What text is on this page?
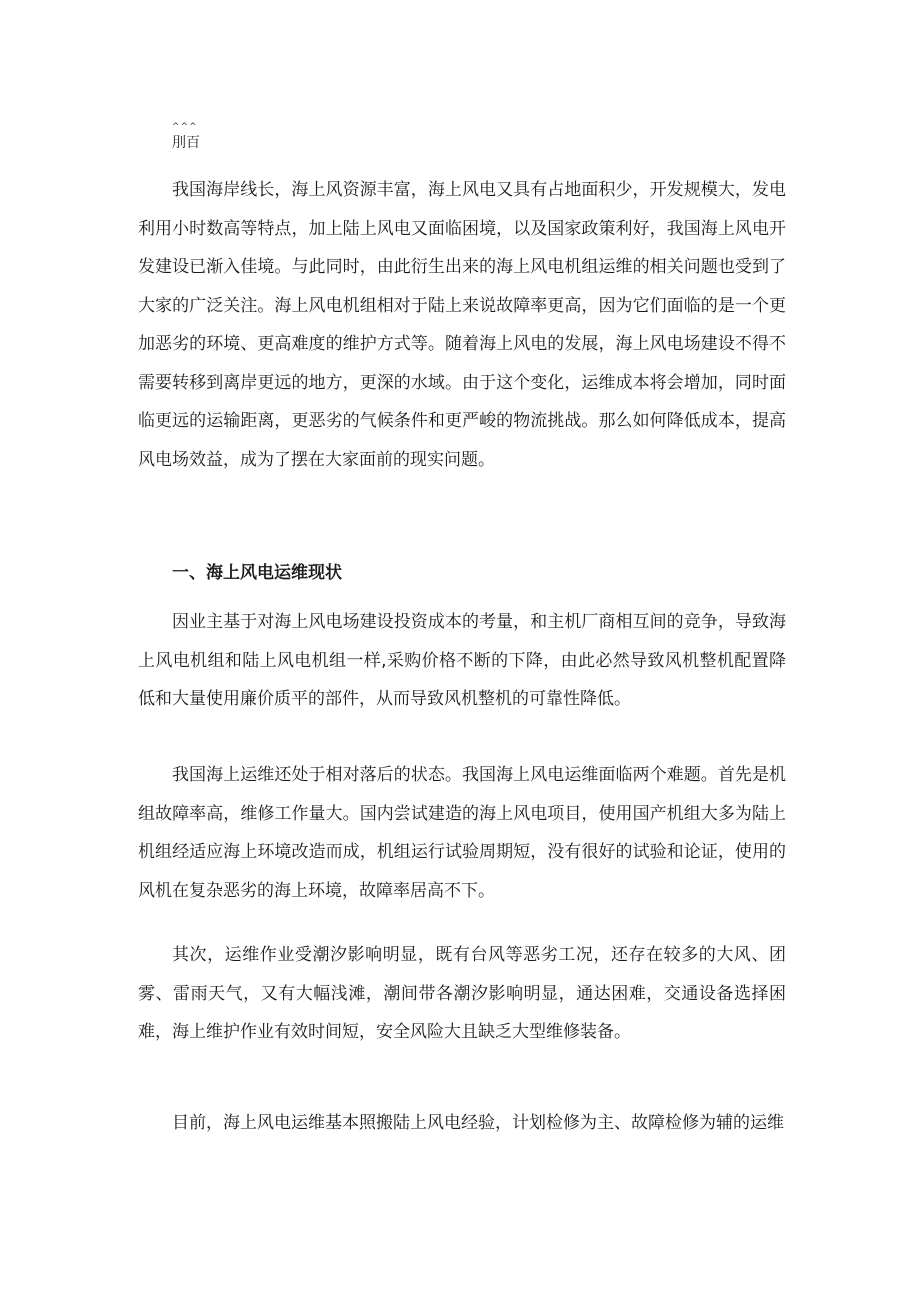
^^^
刖百

我国海岸线长，海上风资源丰富，海上风电又具有占地面积少，开发规模大，发电利用小时数高等特点，加上陆上风电又面临困境，以及国家政策利好，我国海上风电开发建设已渐入佳境。与此同时，由此衍生出来的海上风电机组运维的相关问题也受到了大家的广泛关注。海上风电机组相对于陆上来说故障率更高，因为它们面临的是一个更加恶劣的环境、更高难度的维护方式等。随着海上风电的发展，海上风电场建设不得不需要转移到离岸更远的地方，更深的水域。由于这个变化，运维成本将会增加，同时面临更远的运输距离，更恶劣的气候条件和更严峻的物流挑战。那么如何降低成本，提高风电场效益，成为了摆在大家面前的现实问题。

一、海上风电运维现状

因业主基于对海上风电场建设投资成本的考量，和主机厂商相互间的竞争，导致海上风电机组和陆上风电机组一样,采购价格不断的下降，由此必然导致风机整机配置降低和大量使用廉价质平的部件，从而导致风机整机的可靠性降低。

我国海上运维还处于相对落后的状态。我国海上风电运维面临两个难题。首先是机组故障率高，维修工作量大。国内尝试建造的海上风电项目，使用国产机组大多为陆上机组经适应海上环境改造而成，机组运行试验周期短，没有很好的试验和论证，使用的风机在复杂恶劣的海上环境，故障率居高不下。

其次，运维作业受潮汐影响明显，既有台风等恶劣工况，还存在较多的大风、团雾、雷雨天气，又有大幅浅滩，潮间带各潮汐影响明显，通达困难，交通设备选择困难，海上维护作业有效时间短，安全风险大且缺乏大型维修装备。

目前，海上风电运维基本照搬陆上风电经验，计划检修为主、故障检修为辅的运维
